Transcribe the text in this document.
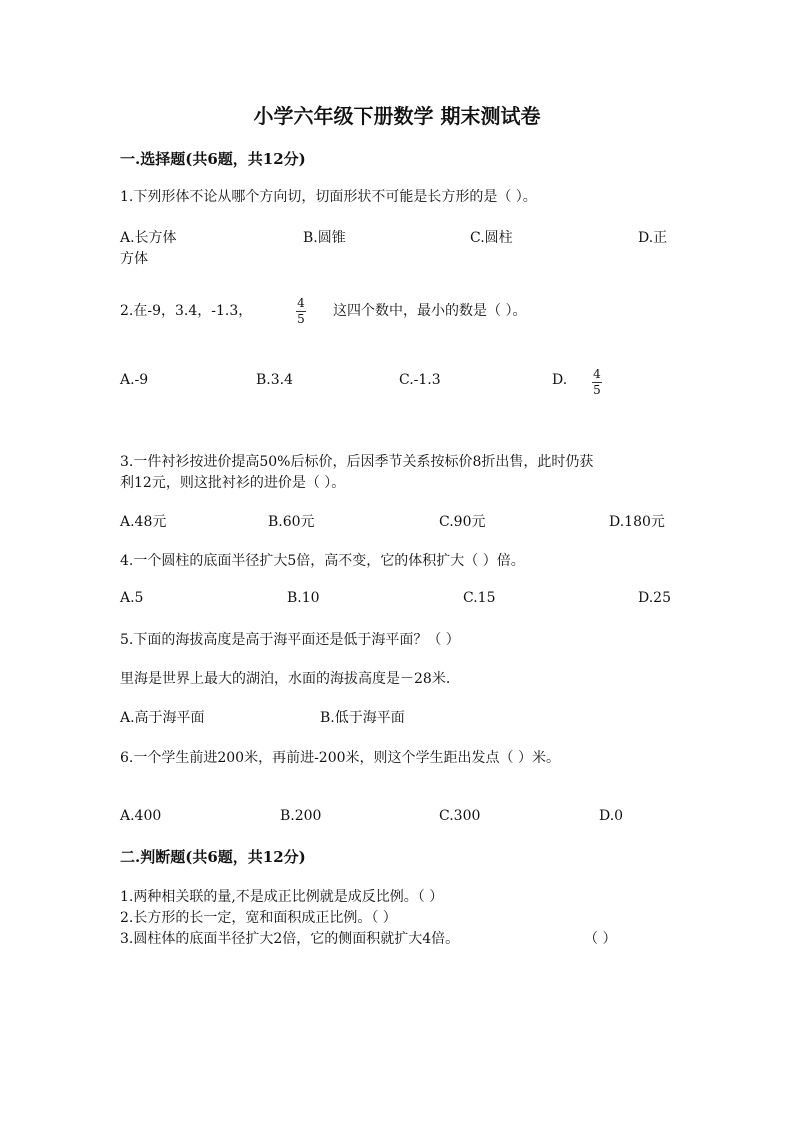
小学六年级下册数学 期末测试卷
一.选择题(共6题，共12分)
1.下列形体不论从哪个方向切，切面形状不可能是长方形的是（ ）。
A.长方体	B.圆锥	C.圆柱	D.正
方体
2.在-9，3.4，-1.3，	4
5 这四个数中，最小的数是（ ）。
A.-9	B.3.4	C.-1.3	D. 4
5
3.一件衬衫按进价提高50%后标价，后因季节关系按标价8折出售，此时仍获
利12元，则这批衬衫的进价是（ ）。
A.48元	B.60元	C.90元	D.180元
4.一个圆柱的底面半径扩大5倍，高不变，它的体积扩大（ ）倍。
A.5	B.10	C.15	D.25
5.下面的海拔高度是高于海平面还是低于海平面？（ ）
里海是世界上最大的湖泊，水面的海拔高度是－28米.
A.高于海平面	B.低于海平面
6.一个学生前进200米，再前进-200米，则这个学生距出发点（ ）米。
A.400	B.200	C.300	D.0
二.判断题(共6题，共12分)
1.两种相关联的量,不是成正比例就是成反比例。（ ）
2.长方形的长一定，宽和面积成正比例。（ ）
3.圆柱体的底面半径扩大2倍，它的侧面积就扩大4倍。	（ ）
